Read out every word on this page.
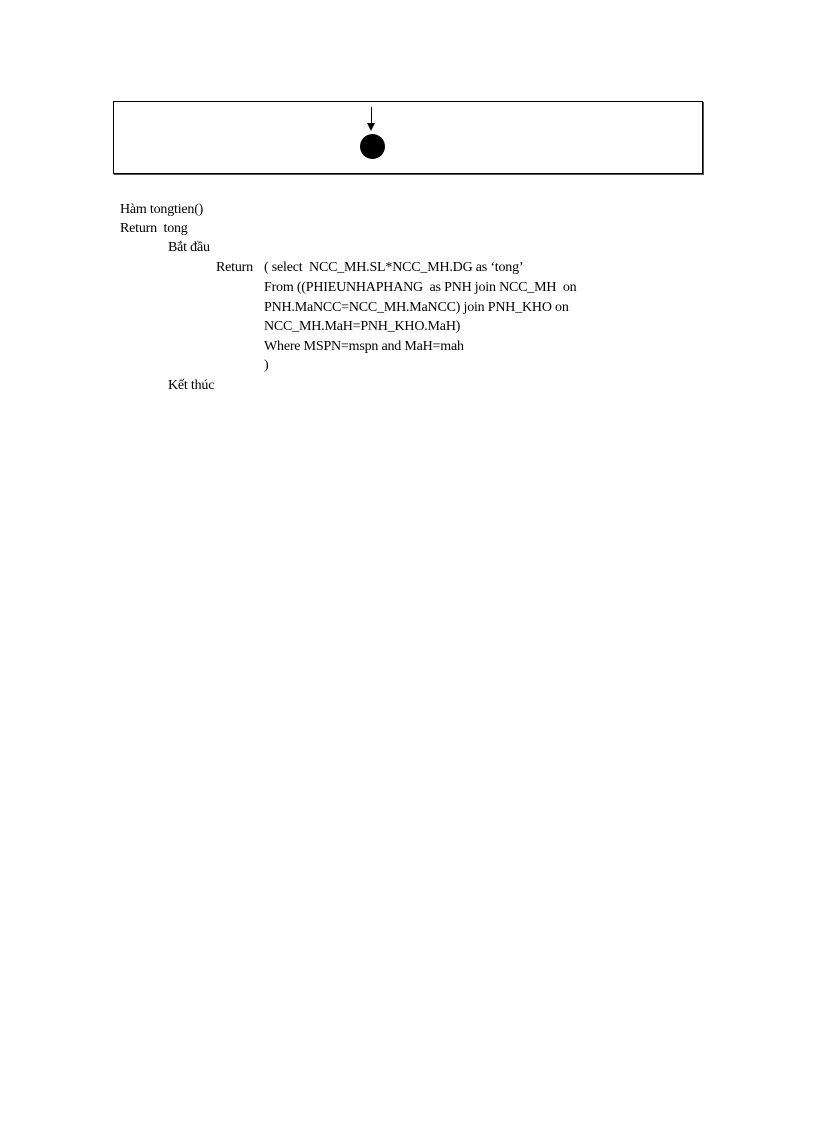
Hàm tongtien()
Return  tong
Bắt đầu
Return ( select  NCC_MH.SL*NCC_MH.DG as ‘tong’
From ((PHIEUNHAPHANG  as PNH join NCC_MH  on
PNH.MaNCC=NCC_MH.MaNCC) join PNH_KHO on
NCC_MH.MaH=PNH_KHO.MaH)
Where MSPN=mspn and MaH=mah
)
Kết thúc
